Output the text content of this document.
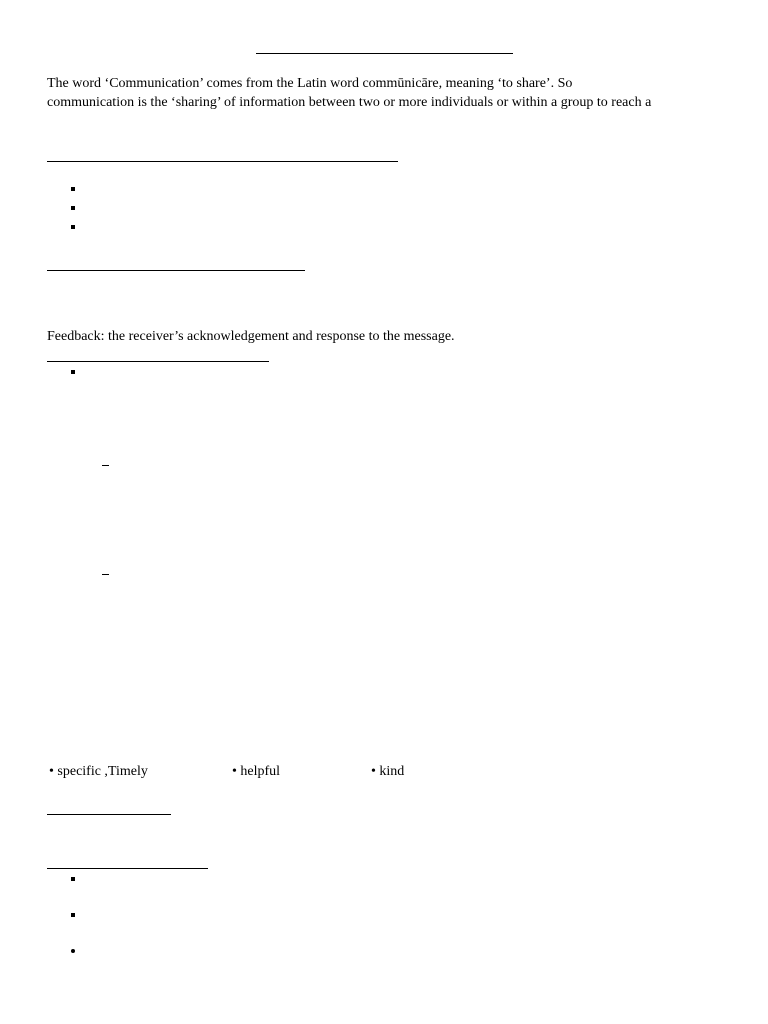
The word ‘Communication’ comes from the Latin word commūnicāre, meaning ‘to share’. So
communication is the ‘sharing’ of information between two or more individuals or within a group to reach a
Feedback: the receiver’s acknowledgement and response to the message.
• specific ,Timely	• helpful	• kind
